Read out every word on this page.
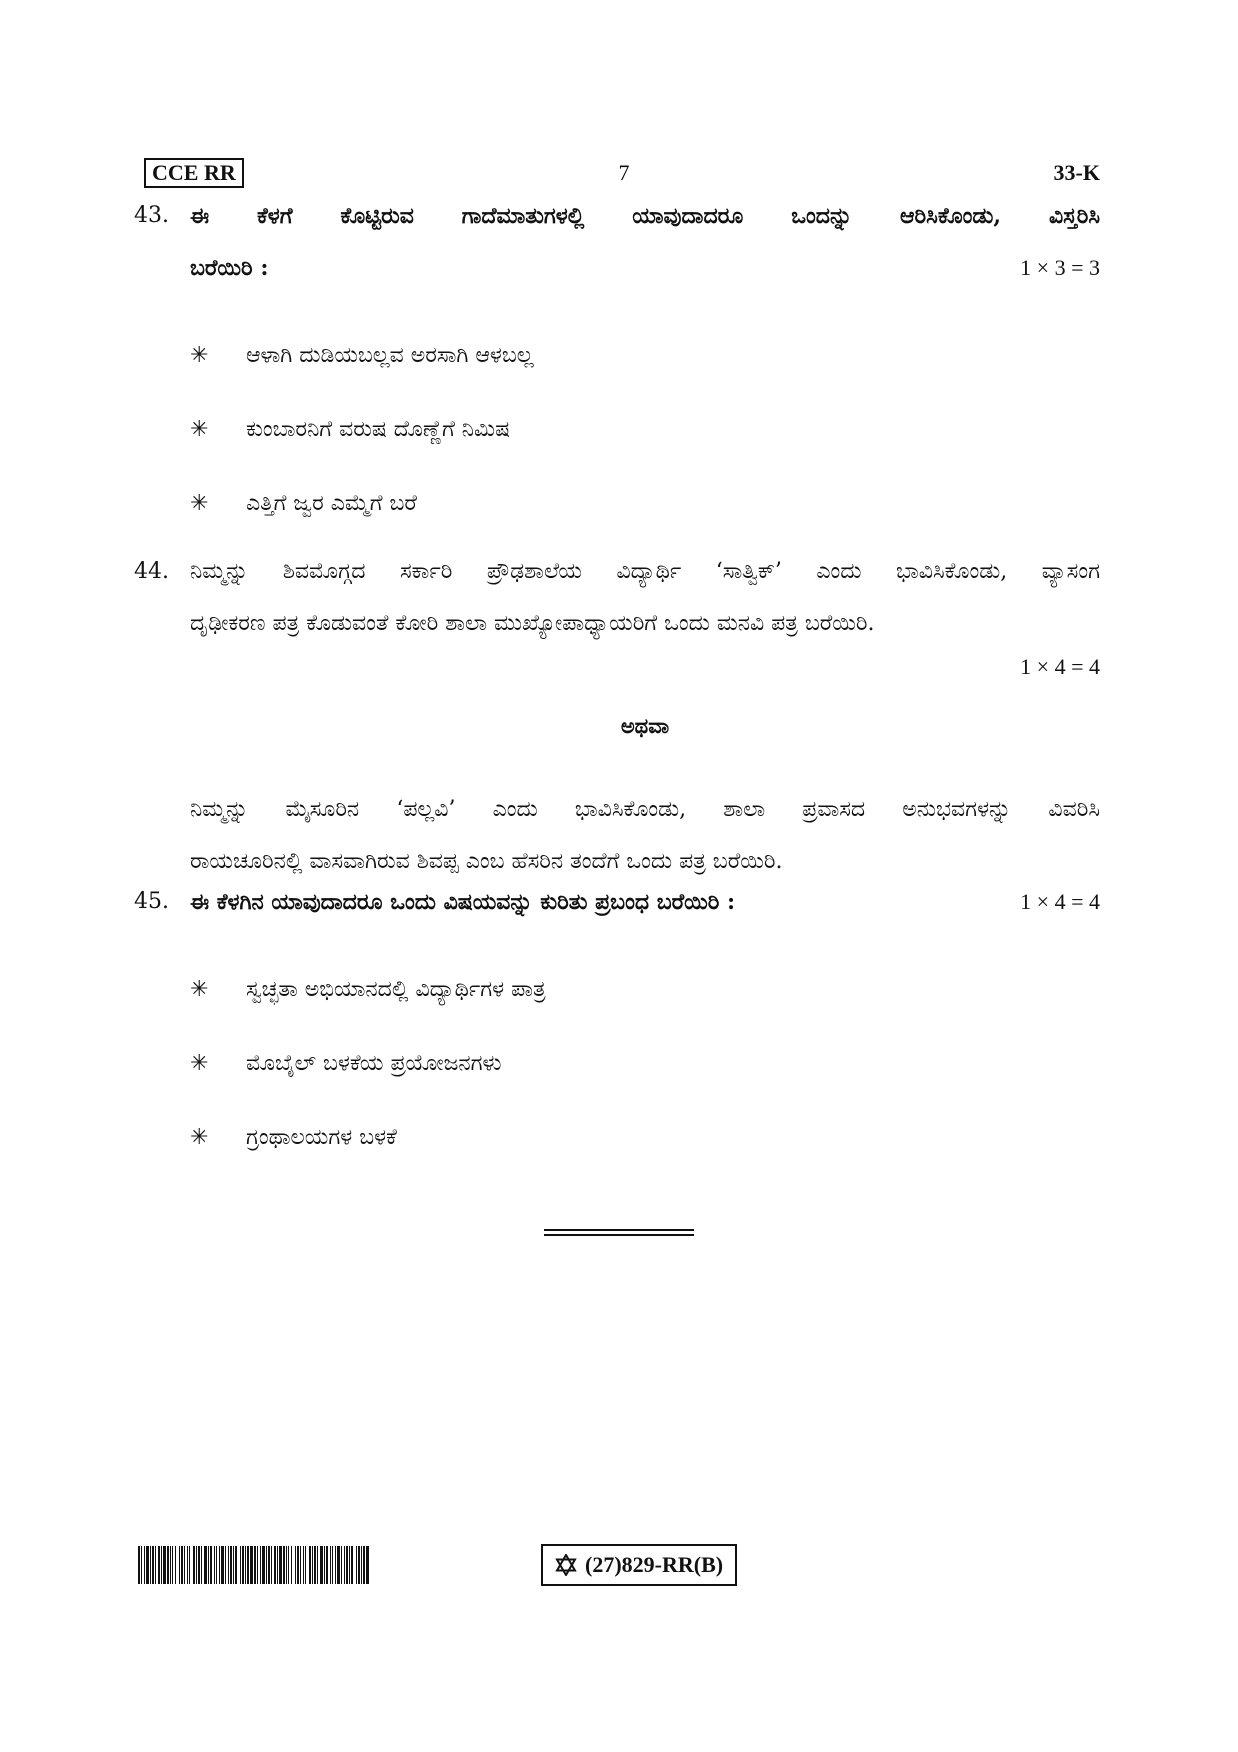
CCE RR	7	33-K
43. ಈ ಕೆಳಗೆ ಕೊಟ್ಟಿರುವ ಗಾದೆಮಾತುಗಳಲ್ಲಿ ಯಾವುದಾದರೂ ಒಂದನ್ನು ಆರಿಸಿಕೊಂಡು, ವಿಸ್ತರಿಸಿ
ಬರೆಯಿರಿ :	1 × 3 = 3
✳	ಆಳಾಗಿ ದುಡಿಯಬಲ್ಲವ ಅರಸಾಗಿ ಆಳಬಲ್ಲ
✳	ಕುಂಬಾರನಿಗೆ ವರುಷ ದೊಣ್ಣೆಗೆ ನಿಮಿಷ
✳	ಎತ್ತಿಗೆ ಜ್ವರ ಎಮ್ಮೆಗೆ ಬರೆ
44. ನಿಮ್ಮನ್ನು ಶಿವಮೊಗ್ಗದ ಸರ್ಕಾರಿ ಪ್ರೌಢಶಾಲೆಯ ವಿದ್ಯಾರ್ಥಿ ‘ಸಾತ್ವಿಕ್’ ಎಂದು ಭಾವಿಸಿಕೊಂಡು, ವ್ಯಾಸಂಗ
ದೃಢೀಕರಣ ಪತ್ರ ಕೊಡುವಂತೆ ಕೋರಿ ಶಾಲಾ ಮುಖ್ಯೋಪಾಧ್ಯಾಯರಿಗೆ ಒಂದು ಮನವಿ ಪತ್ರ ಬರೆಯಿರಿ.
1 × 4 = 4
ಅಥವಾ
ನಿಮ್ಮನ್ನು ಮೈಸೂರಿನ ‘ಪಲ್ಲವಿ’ ಎಂದು ಭಾವಿಸಿಕೊಂಡು, ಶಾಲಾ ಪ್ರವಾಸದ ಅನುಭವಗಳನ್ನು ವಿವರಿಸಿ
ರಾಯಚೂರಿನಲ್ಲಿ ವಾಸವಾಗಿರುವ ಶಿವಪ್ಪ ಎಂಬ ಹೆಸರಿನ ತಂದೆಗೆ ಒಂದು ಪತ್ರ ಬರೆಯಿರಿ.
45. ಈ ಕೆಳಗಿನ ಯಾವುದಾದರೂ ಒಂದು ವಿಷಯವನ್ನು ಕುರಿತು ಪ್ರಬಂಧ ಬರೆಯಿರಿ :	1 × 4 = 4
✳	ಸ್ವಚ್ಛತಾ ಅಭಿಯಾನದಲ್ಲಿ ವಿದ್ಯಾರ್ಥಿಗಳ ಪಾತ್ರ
✳	ಮೊಬೈಲ್ ಬಳಕೆಯ ಪ್ರಯೋಜನಗಳು
✳	ಗ್ರಂಥಾಲಯಗಳ ಬಳಕೆ
(27)829-RR(B)
